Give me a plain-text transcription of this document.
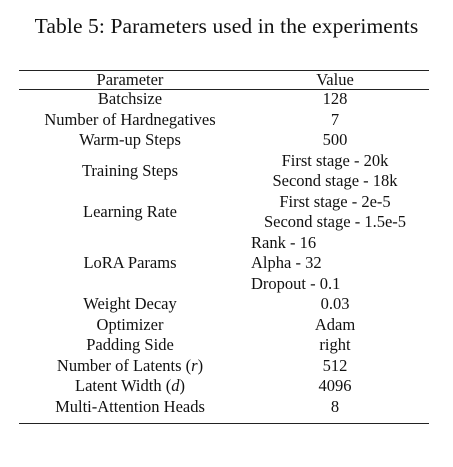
Table 5: Parameters used in the experiments
Parameter	Value
Batchsize	128
Number of Hardnegatives	7
Warm-up Steps	500
Training Steps	First stage - 20k
Second stage - 18k

Learning Rate	First stage - 2e-5
Second stage - 1.5e-5

LoRA Params	Rank - 16
Alpha - 32
Dropout - 0.1

Weight Decay	0.03
Optimizer	Adam
Padding Side	right
Number of Latents (r)	512
Latent Width (d)	4096
Multi-Attention Heads	8
